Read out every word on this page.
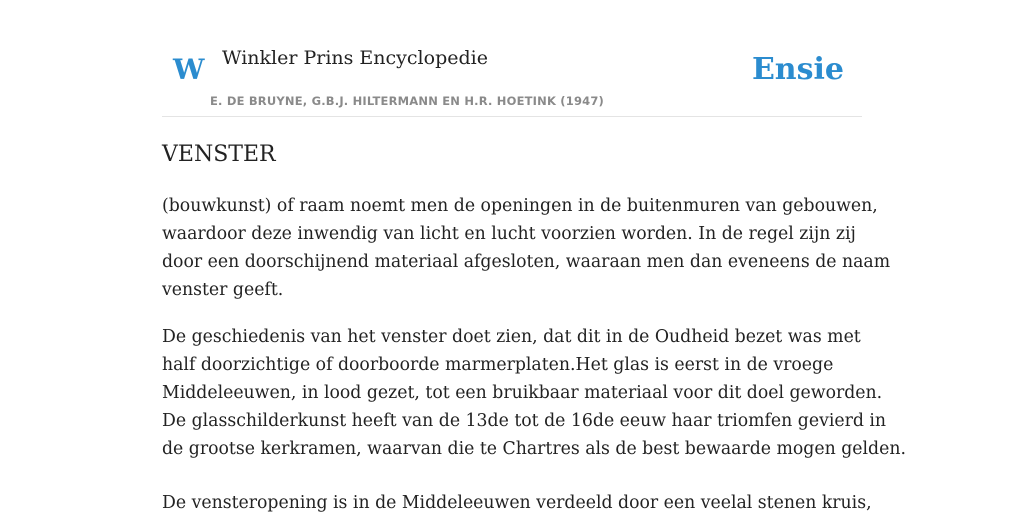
W Winkler Prins Encyclopedie
E. DE BRUYNE, G.B.J. HILTERMANN EN H.R. HOETINK (1947)
Ensie
VENSTER

(bouwkunst) of raam noemt men de openingen in de buitenmuren van gebouwen,
waardoor deze inwendig van licht en lucht voorzien worden. In de regel zijn zij
door een doorschijnend materiaal afgesloten, waaraan men dan eveneens de naam
venster geeft.

De geschiedenis van het venster doet zien, dat dit in de Oudheid bezet was met
half doorzichtige of doorboorde marmerplaten.Het glas is eerst in de vroege
Middeleeuwen, in lood gezet, tot een bruikbaar materiaal voor dit doel geworden.
De glasschilderkunst heeft van de 13de tot de 16de eeuw haar triomfen gevierd in
de grootse kerkramen, waarvan die te Chartres als de best bewaarde mogen gelden.

De vensteropening is in de Middeleeuwen verdeeld door een veelal stenen kruis,
